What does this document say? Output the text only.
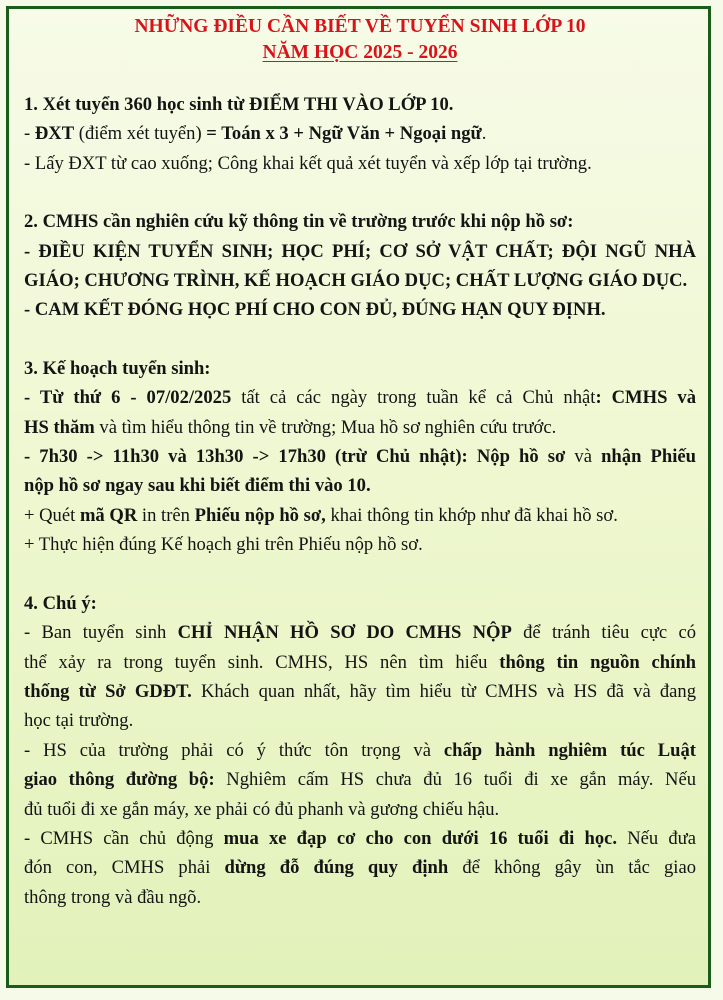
NHỮNG ĐIỀU CẦN BIẾT VỀ TUYỂN SINH LỚP 10

NĂM HỌC 2025 - 2026

1. Xét tuyển 360 học sinh từ ĐIỂM THI VÀO LỚP 10.

- ĐXT (điểm xét tuyển) = Toán x 3 + Ngữ Văn + Ngoại ngữ.

- Lấy ĐXT từ cao xuống; Công khai kết quả xét tuyển và xếp lớp tại trường.

2. CMHS cần nghiên cứu kỹ thông tin về trường trước khi nộp hồ sơ:

- ĐIỀU KIỆN TUYỂN SINH; HỌC PHÍ; CƠ SỞ VẬT CHẤT; ĐỘI NGŨ NHÀ

GIÁO; CHƯƠNG TRÌNH, KẾ HOẠCH GIÁO DỤC; CHẤT LƯỢNG GIÁO DỤC.

- CAM KẾT ĐÓNG HỌC PHÍ CHO CON ĐỦ, ĐÚNG HẠN QUY ĐỊNH.

3. Kế hoạch tuyển sinh:

- Từ thứ 6 - 07/02/2025 tất cả các ngày trong tuần kể cả Chủ nhật: CMHS và

HS thăm và tìm hiểu thông tin về trường; Mua hồ sơ nghiên cứu trước.

- 7h30 -> 11h30 và 13h30 -> 17h30 (trừ Chủ nhật): Nộp hồ sơ và nhận Phiếu

nộp hồ sơ ngay sau khi biết điểm thi vào 10.

+ Quét mã QR in trên Phiếu nộp hồ sơ, khai thông tin khớp như đã khai hồ sơ.

+ Thực hiện đúng Kế hoạch ghi trên Phiếu nộp hồ sơ.

4. Chú ý:

- Ban tuyển sinh CHỈ NHẬN HỒ SƠ DO CMHS NỘP để tránh tiêu cực có

thể xảy ra trong tuyển sinh. CMHS, HS nên tìm hiểu thông tin nguồn chính

thống từ Sở GDĐT. Khách quan nhất, hãy tìm hiểu từ CMHS và HS đã và đang

học tại trường.

- HS của trường phải có ý thức tôn trọng và chấp hành nghiêm túc Luật

giao thông đường bộ: Nghiêm cấm HS chưa đủ 16 tuổi đi xe gắn máy. Nếu

đủ tuổi đi xe gắn máy, xe phải có đủ phanh và gương chiếu hậu.

- CMHS cần chủ động mua xe đạp cơ cho con dưới 16 tuổi đi học. Nếu đưa

đón con, CMHS phải dừng đỗ đúng quy định để không gây ùn tắc giao

thông trong và đầu ngõ.
